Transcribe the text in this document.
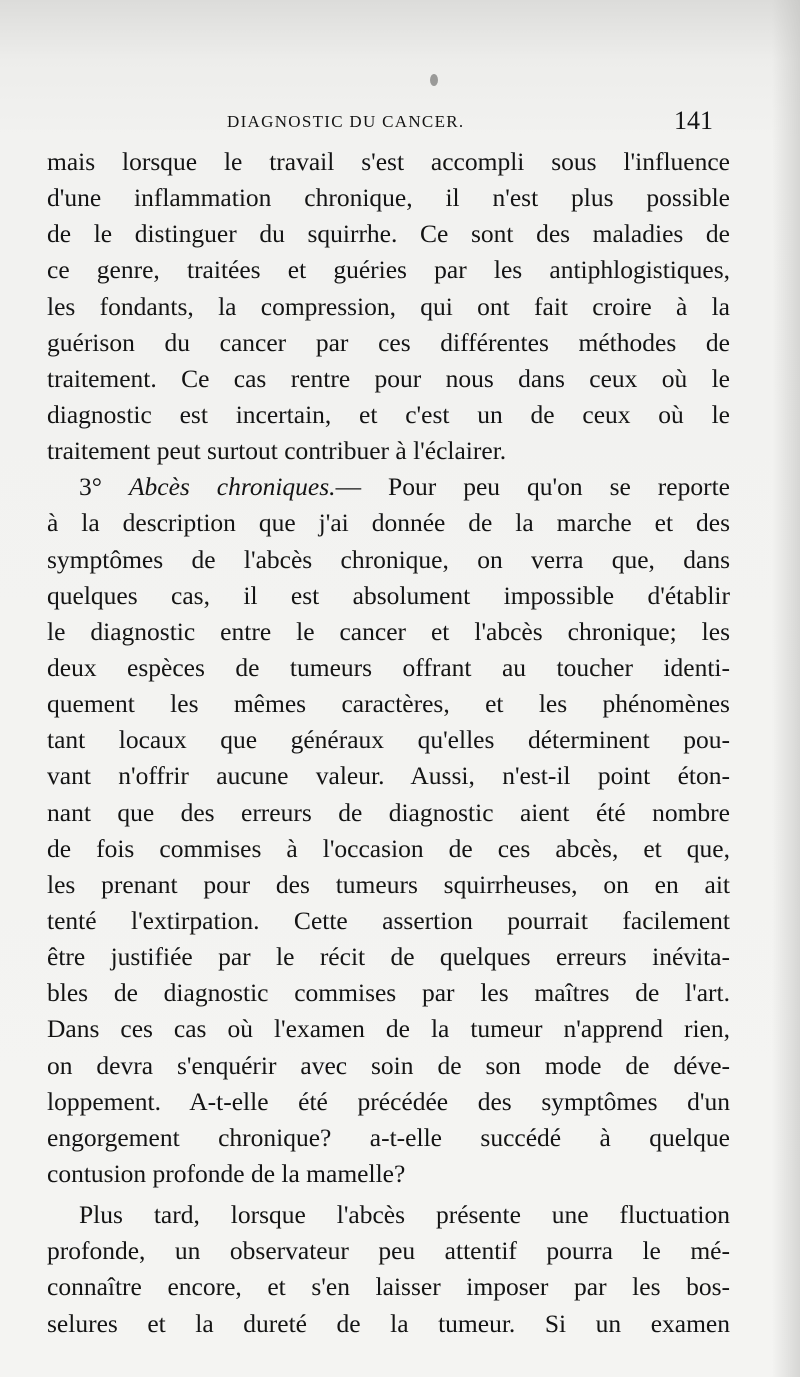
DIAGNOSTIC DU CANCER.	141
mais lorsque le travail s'est accompli sous l'influence
d'une inflammation chronique, il n'est plus possible
de le distinguer du squirrhe. Ce sont des maladies de
ce genre, traitées et guéries par les antiphlogistiques,
les fondants, la compression, qui ont fait croire à la
guérison du cancer par ces différentes méthodes de
traitement. Ce cas rentre pour nous dans ceux où le
diagnostic est incertain, et c'est un de ceux où le
traitement peut surtout contribuer à l'éclairer.
3° Abcès chroniques.— Pour peu qu'on se reporte
à la description que j'ai donnée de la marche et des
symptômes de l'abcès chronique, on verra que, dans
quelques cas, il est absolument impossible d'établir
le diagnostic entre le cancer et l'abcès chronique; les
deux espèces de tumeurs offrant au toucher identi-
quement les mêmes caractères, et les phénomènes
tant locaux que généraux qu'elles déterminent pou-
vant n'offrir aucune valeur. Aussi, n'est-il point éton-
nant que des erreurs de diagnostic aient été nombre
de fois commises à l'occasion de ces abcès, et que,
les prenant pour des tumeurs squirrheuses, on en ait
tenté l'extirpation. Cette assertion pourrait facilement
être justifiée par le récit de quelques erreurs inévita-
bles de diagnostic commises par les maîtres de l'art.
Dans ces cas où l'examen de la tumeur n'apprend rien,
on devra s'enquérir avec soin de son mode de déve-
loppement. A-t-elle été précédée des symptômes d'un
engorgement chronique? a-t-elle succédé à quelque
contusion profonde de la mamelle?
Plus tard, lorsque l'abcès présente une fluctuation
profonde, un observateur peu attentif pourra le mé-
connaître encore, et s'en laisser imposer par les bos-
selures et la dureté de la tumeur. Si un examen
